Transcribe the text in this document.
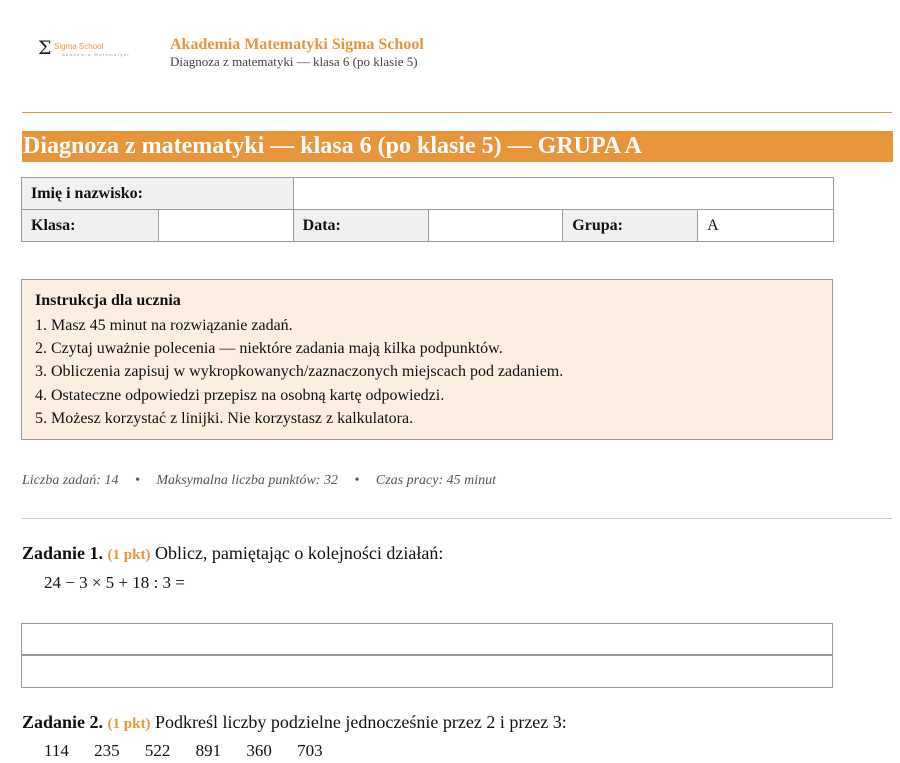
Σ Sigma School
Akademia Matematyki
Akademia Matematyki Sigma School
Diagnoza z matematyki — klasa 6 (po klasie 5)
Diagnoza z matematyki — klasa 6 (po klasie 5) — GRUPA A
Imię i nazwisko:					
Klasa:		Data:		Grupa:	A
Instrukcja dla ucznia
1. Masz 45 minut na rozwiązanie zadań.
2. Czytaj uważnie polecenia — niektóre zadania mają kilka podpunktów.
3. Obliczenia zapisuj w wykropkowanych/zaznaczonych miejscach pod zadaniem.
4. Ostateczne odpowiedzi przepisz na osobną kartę odpowiedzi.
5. Możesz korzystać z linijki. Nie korzystasz z kalkulatora.
Liczba zadań: 14 • Maksymalna liczba punktów: 32 • Czas pracy: 45 minut
Zadanie 1. (1 pkt) Oblicz, pamiętając o kolejności działań:
24 − 3 × 5 + 18 : 3 =
Zadanie 2. (1 pkt) Podkreśl liczby podzielne jednocześnie przez 2 i przez 3:
114 235 522 891 360 703
